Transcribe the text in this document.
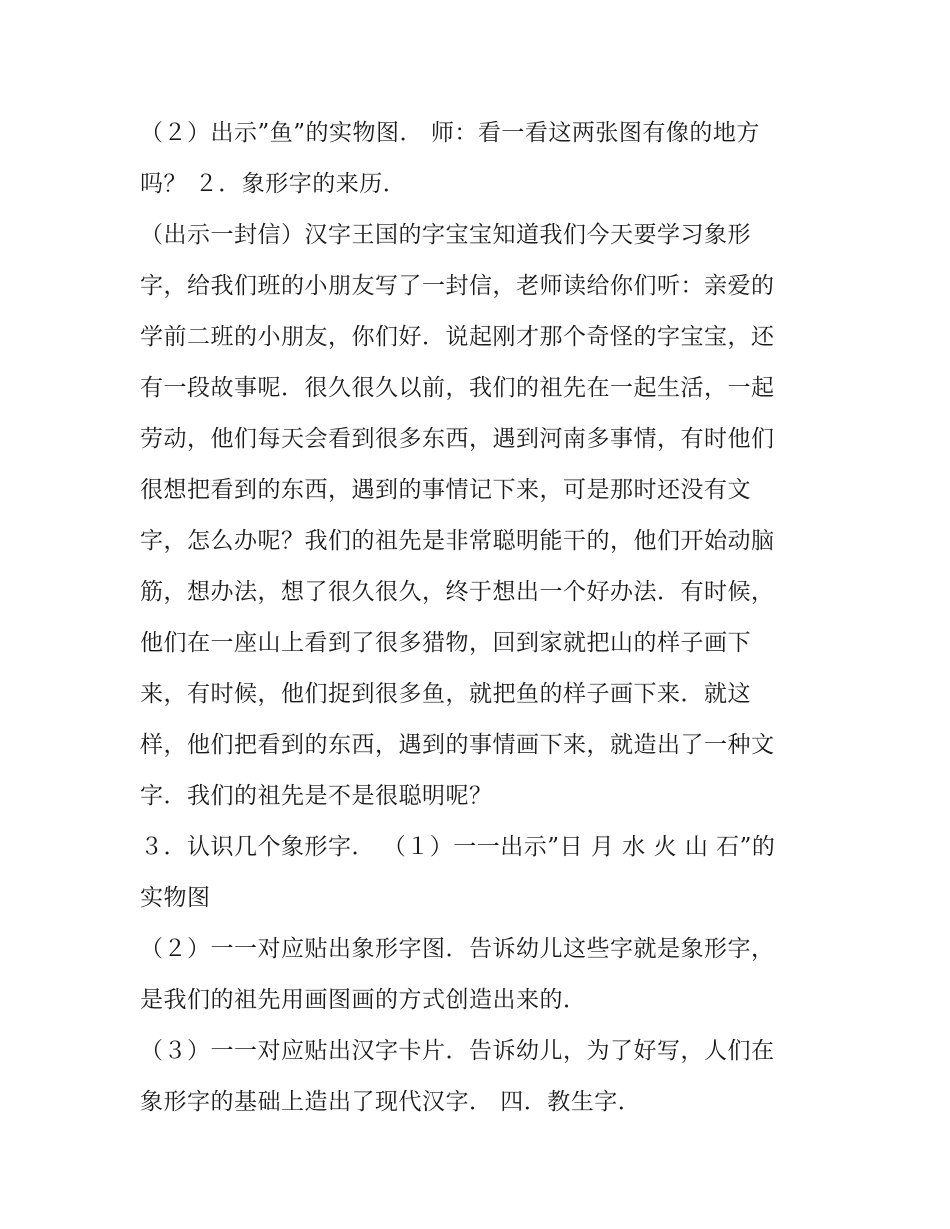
（２）出示”鱼”的实物图． 师：看一看这两张图有像的地方
吗？ ２．象形字的来历．
（出示一封信）汉字王国的字宝宝知道我们今天要学习象形
字，给我们班的小朋友写了一封信，老师读给你们听：亲爱的
学前二班的小朋友，你们好．说起刚才那个奇怪的字宝宝，还
有一段故事呢．很久很久以前，我们的祖先在一起生活，一起
劳动，他们每天会看到很多东西，遇到河南多事情，有时他们
很想把看到的东西，遇到的事情记下来，可是那时还没有文
字，怎么办呢？我们的祖先是非常聪明能干的，他们开始动脑
筋，想办法，想了很久很久，终于想出一个好办法．有时候，
他们在一座山上看到了很多猎物，回到家就把山的样子画下
来，有时候，他们捉到很多鱼，就把鱼的样子画下来．就这
样，他们把看到的东西，遇到的事情画下来，就造出了一种文
字．我们的祖先是不是很聪明呢？
３．认识几个象形字． （１）一一出示”日 月 水 火 山 石”的
实物图
（２）一一对应贴出象形字图．告诉幼儿这些字就是象形字，
是我们的祖先用画图画的方式创造出来的．
（３）一一对应贴出汉字卡片．告诉幼儿，为了好写，人们在
象形字的基础上造出了现代汉字． 四．教生字．
